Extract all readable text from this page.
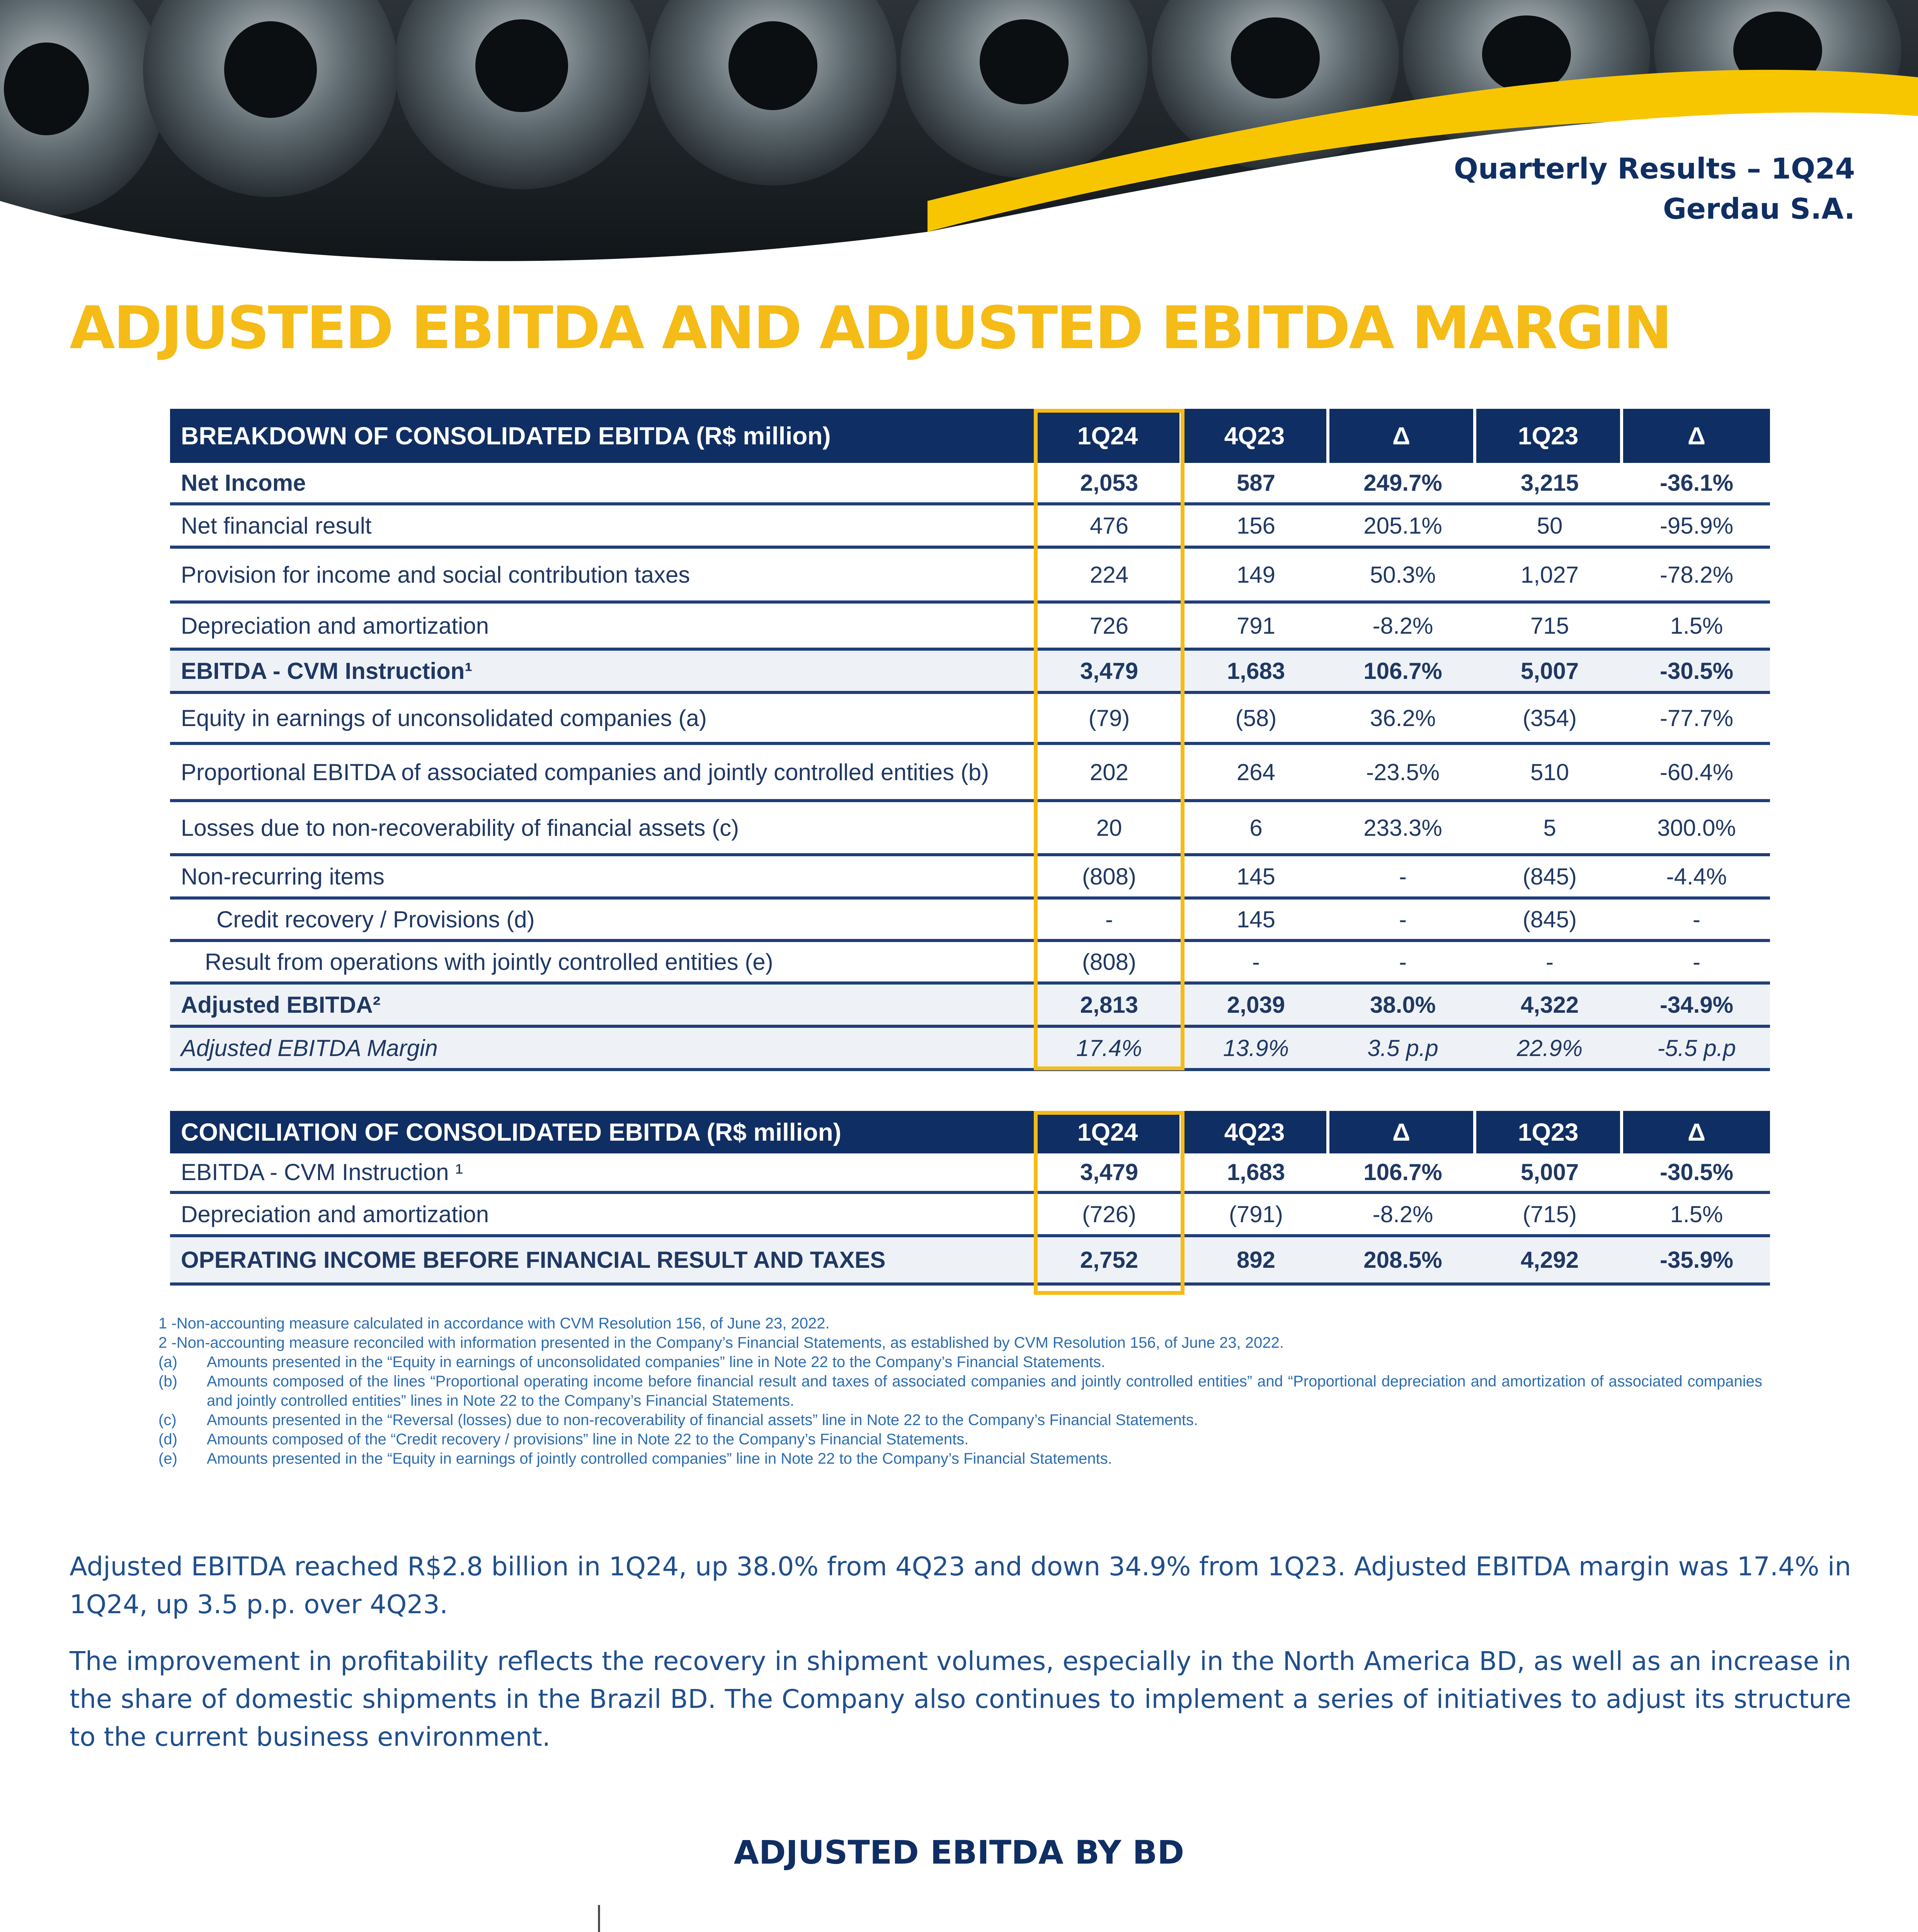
Quarterly Results – 1Q24
Gerdau S.A.
ADJUSTED EBITDA AND ADJUSTED EBITDA MARGIN
BREAKDOWN OF CONSOLIDATED EBITDA (R$ million)	1Q24	4Q23	Δ	1Q23	Δ
Net Income	2,053	587	249.7%	3,215	-36.1%
Net financial result	476	156	205.1%	50	-95.9%
Provision for income and social contribution taxes	224	149	50.3%	1,027	-78.2%
Depreciation and amortization	726	791	-8.2%	715	1.5%
EBITDA - CVM Instruction¹	3,479	1,683	106.7%	5,007	-30.5%
Equity in earnings of unconsolidated companies (a)	(79)	(58)	36.2%	(354)	-77.7%
Proportional EBITDA of associated companies and jointly controlled entities (b)	202	264	-23.5%	510	-60.4%
Losses due to non-recoverability of financial assets (c)	20	6	233.3%	5	300.0%
Non-recurring items	(808)	145	-	(845)	-4.4%
Credit recovery / Provisions (d)	-	145	-	(845)	-
Result from operations with jointly controlled entities (e)	(808)	-	-	-	-
Adjusted EBITDA²	2,813	2,039	38.0%	4,322	-34.9%
Adjusted EBITDA Margin	17.4%	13.9%	3.5 p.p	22.9%	-5.5 p.p
CONCILIATION OF CONSOLIDATED EBITDA (R$ million)	1Q24	4Q23	Δ	1Q23	Δ
EBITDA - CVM Instruction ¹	3,479	1,683	106.7%	5,007	-30.5%
Depreciation and amortization	(726)	(791)	-8.2%	(715)	1.5%
OPERATING INCOME BEFORE FINANCIAL RESULT AND TAXES	2,752	892	208.5%	4,292	-35.9%
1 - Non-accounting measure calculated in accordance with CVM Resolution 156, of June 23, 2022.
2 - Non-accounting measure reconciled with information presented in the Company’s Financial Statements, as established by CVM Resolution 156, of June 23, 2022.
(a)	Amounts presented in the “Equity in earnings of unconsolidated companies” line in Note 22 to the Company’s Financial Statements.
(b)	Amounts composed of the lines “Proportional operating income before financial result and taxes of associated companies and jointly controlled entities” and “Proportional depreciation and amortization of associated companies and jointly controlled entities” lines in Note 22 to the Company’s Financial Statements.
(c)	Amounts presented in the “Reversal (losses) due to non-recoverability of financial assets” line in Note 22 to the Company’s Financial Statements.
(d)	Amounts composed of the “Credit recovery / provisions” line in Note 22 to the Company’s Financial Statements.
(e)	Amounts presented in the “Equity in earnings of jointly controlled companies” line in Note 22 to the Company’s Financial Statements.

Adjusted EBITDA reached R$2.8 billion in 1Q24, up 38.0% from 4Q23 and down 34.9% from 1Q23. Adjusted EBITDA margin was 17.4% in 1Q24, up 3.5 p.p. over 4Q23.

The improvement in profitability reflects the recovery in shipment volumes, especially in the North America BD, as well as an increase in the share of domestic shipments in the Brazil BD. The Company also continues to implement a series of initiatives to adjust its structure to the current business environment.

ADJUSTED EBITDA BY BD
